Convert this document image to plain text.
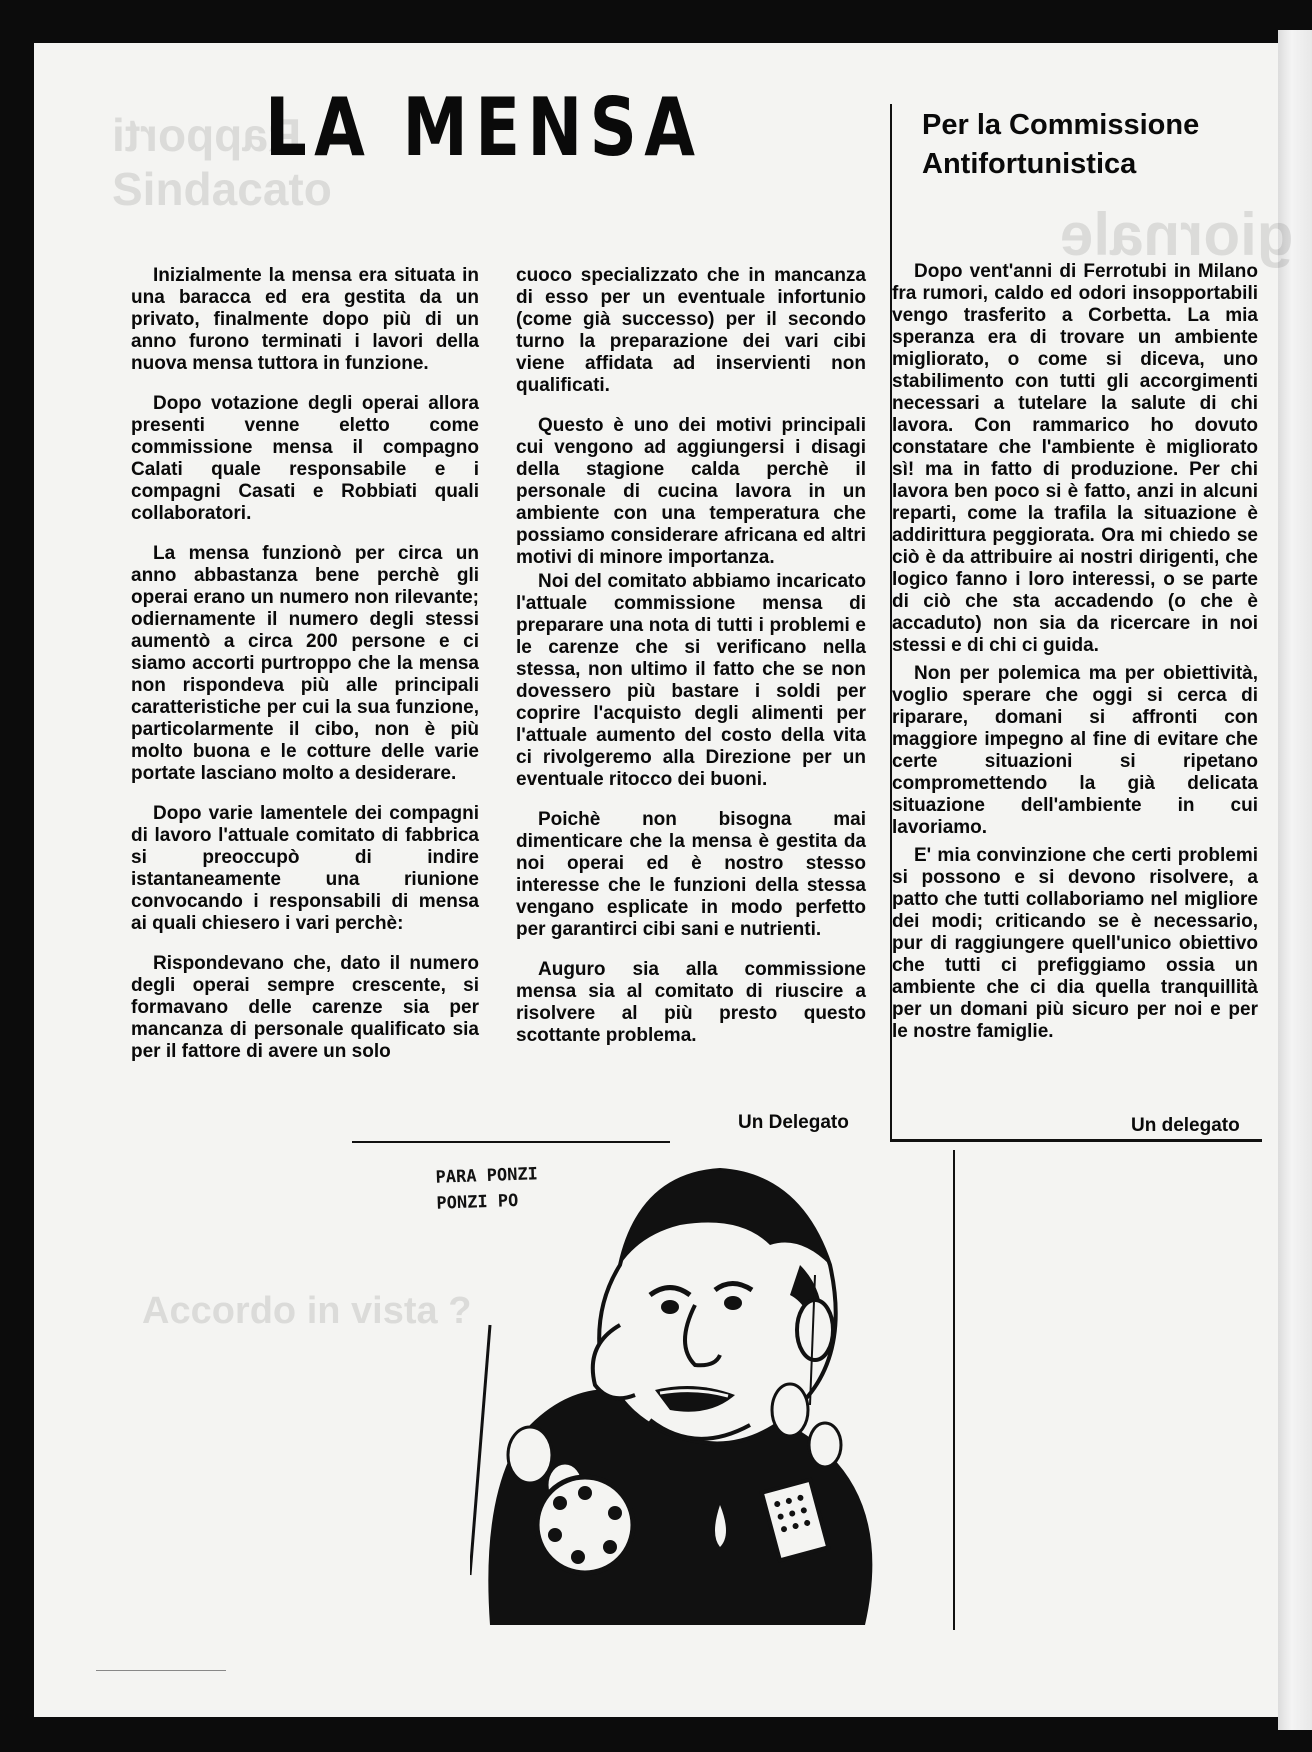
Rapporti
Sindacato
Accordo in vista ?
giornale
LA MENSA

Inizialmente la mensa era situata in una baracca ed era gestita da un privato, finalmente dopo più di un anno furono terminati i lavori della nuova mensa tuttora in funzione.

Dopo votazione degli operai allora presenti venne eletto come commissione mensa il compagno Calati quale responsabile e i compagni Casati e Robbiati quali collaboratori.

La mensa funzionò per circa un anno abbastanza bene perchè gli operai erano un numero non rilevante; odiernamente il numero degli stessi aumentò a circa 200 persone e ci siamo accorti purtroppo che la mensa non rispondeva più alle principali caratteristiche per cui la sua funzione, particolarmente il cibo, non è più molto buona e le cotture delle varie portate lasciano molto a desiderare.

Dopo varie lamentele dei compagni di lavoro l'attuale comitato di fabbrica si preoccupò di indire istantaneamente una riunione convocando i responsabili di mensa ai quali chiesero i vari perchè:

Rispondevano che, dato il numero degli operai sempre crescente, si formavano delle carenze sia per mancanza di personale qualificato sia per il fattore di avere un solo

cuoco specializzato che in mancanza di esso per un eventuale infortunio (come già successo) per il secondo turno la preparazione dei vari cibi viene affidata ad inservienti non qualificati.

Questo è uno dei motivi principali cui vengono ad aggiungersi i disagi della stagione calda perchè il personale di cucina lavora in un ambiente con una temperatura che possiamo considerare africana ed altri motivi di minore importanza.

Noi del comitato abbiamo incaricato l'attuale commissione mensa di preparare una nota di tutti i problemi e le carenze che si verificano nella stessa, non ultimo il fatto che se non dovessero più bastare i soldi per coprire l'acquisto degli alimenti per l'attuale aumento del costo della vita ci rivolgeremo alla Direzione per un eventuale ritocco dei buoni.

Poichè non bisogna mai dimenticare che la mensa è gestita da noi operai ed è nostro stesso interesse che le funzioni della stessa vengano esplicate in modo perfetto per garantirci cibi sani e nutrienti.

Auguro sia alla commissione mensa sia al comitato di riuscire a risolvere al più presto questo scottante problema.

Un Delegato
Per la Commissione Antifortunistica

Dopo vent'anni di Ferrotubi in Milano fra rumori, caldo ed odori insopportabili vengo trasferito a Corbetta. La mia speranza era di trovare un ambiente migliorato, o come si diceva, uno stabilimento con tutti gli accorgimenti necessari a tutelare la salute di chi lavora. Con rammarico ho dovuto constatare che l'ambiente è migliorato sì! ma in fatto di produzione. Per chi lavora ben poco si è fatto, anzi in alcuni reparti, come la trafila la situazione è addirittura peggiorata. Ora mi chiedo se ciò è da attribuire ai nostri dirigenti, che logico fanno i loro interessi, o se parte di ciò che sta accadendo (o che è accaduto) non sia da ricercare in noi stessi e di chi ci guida.

Non per polemica ma per obiettività, voglio sperare che oggi si cerca di riparare, domani si affronti con maggiore impegno al fine di evitare che certe situazioni si ripetano compromettendo la già delicata situazione dell'ambiente in cui lavoriamo.

E' mia convinzione che certi problemi si possono e si devono risolvere, a patto che tutti collaboriamo nel migliore dei modi; criticando se è necessario, pur di raggiungere quell'unico obiettivo che tutti ci prefiggiamo ossia un ambiente che ci dia quella tranquillità per un domani più sicuro per noi e per le nostre famiglie.

Un delegato
PARA PONZI
PONZI PO
